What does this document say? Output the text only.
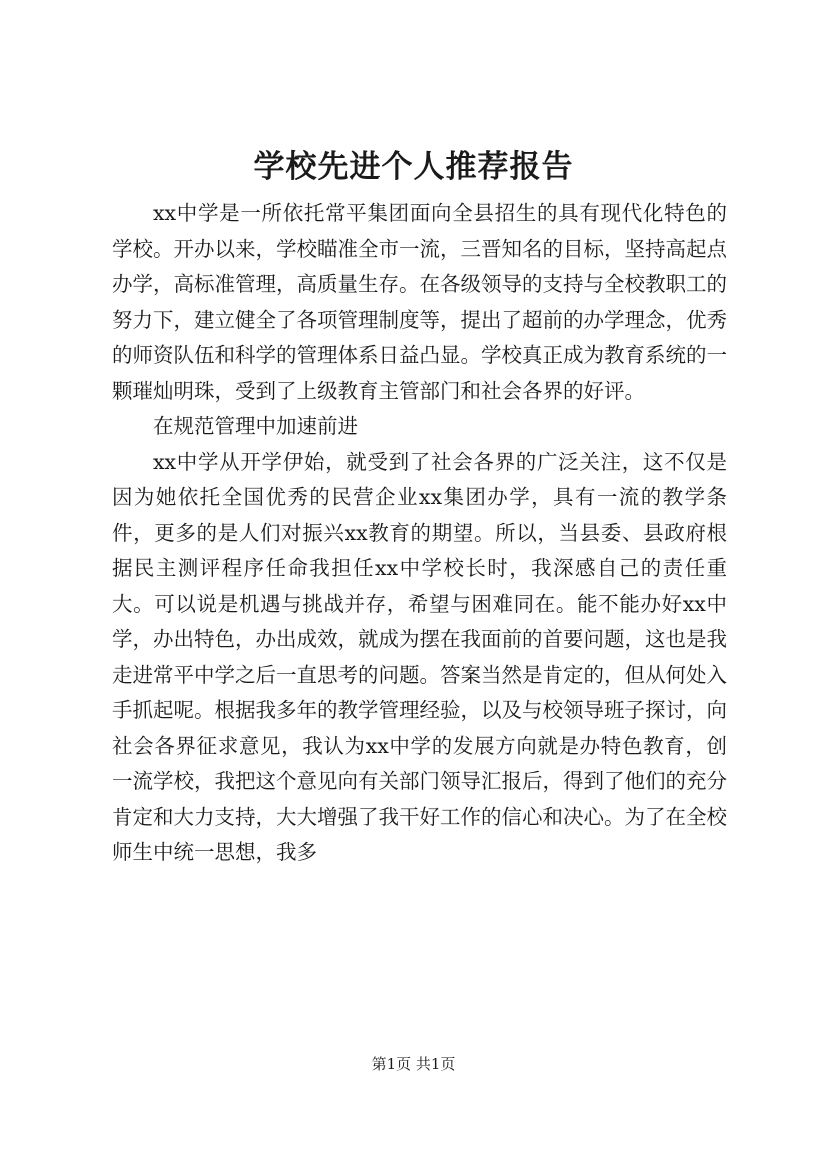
学校先进个人推荐报告

xx中学是一所依托常平集团面向全县招生的具有现代化特色的学校。开办以来，学校瞄准全市一流，三晋知名的目标，坚持高起点办学，高标准管理，高质量生存。在各级领导的支持与全校教职工的努力下，建立健全了各项管理制度等，提出了超前的办学理念，优秀的师资队伍和科学的管理体系日益凸显。学校真正成为教育系统的一颗璀灿明珠，受到了上级教育主管部门和社会各界的好评。

在规范管理中加速前进

xx中学从开学伊始，就受到了社会各界的广泛关注，这不仅是因为她依托全国优秀的民营企业xx集团办学，具有一流的教学条件，更多的是人们对振兴xx教育的期望。所以，当县委、县政府根据民主测评程序任命我担任xx中学校长时，我深感自己的责任重大。可以说是机遇与挑战并存，希望与困难同在。能不能办好xx中学，办出特色，办出成效，就成为摆在我面前的首要问题，这也是我走进常平中学之后一直思考的问题。答案当然是肯定的，但从何处入手抓起呢。根据我多年的教学管理经验，以及与校领导班子探讨，向社会各界征求意见，我认为xx中学的发展方向就是办特色教育，创一流学校，我把这个意见向有关部门领导汇报后，得到了他们的充分肯定和大力支持，大大增强了我干好工作的信心和决心。为了在全校师生中统一思想，我多

第1页 共1页
